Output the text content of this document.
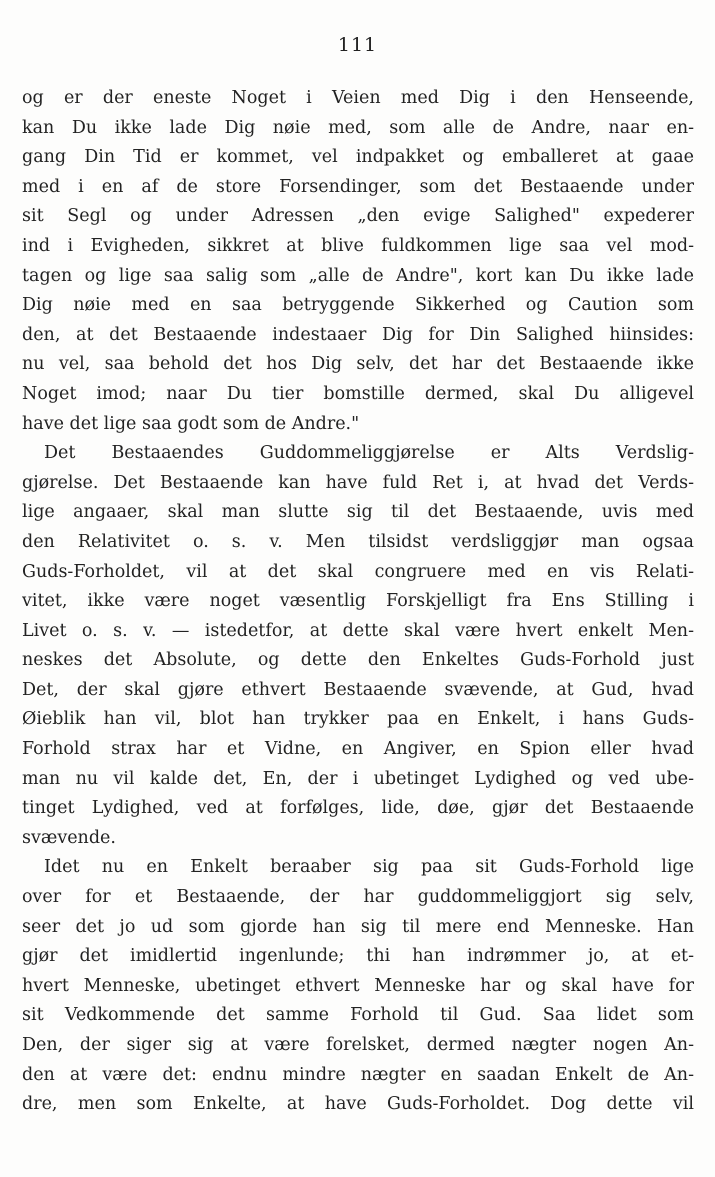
111
og er der eneste Noget i Veien med Dig i den Henseende,
kan Du ikke lade Dig nøie med, som alle de Andre, naar en-
gang Din Tid er kommet, vel indpakket og emballeret at gaae
med i en af de store Forsendinger, som det Bestaaende under
sit Segl og under Adressen „den evige Salighed" expederer
ind i Evigheden, sikkret at blive fuldkommen lige saa vel mod-
tagen og lige saa salig som „alle de Andre", kort kan Du ikke lade
Dig nøie med en saa betryggende Sikkerhed og Caution som
den, at det Bestaaende indestaaer Dig for Din Salighed hiinsides:
nu vel, saa behold det hos Dig selv, det har det Bestaaende ikke
Noget imod; naar Du tier bomstille dermed, skal Du alligevel
have det lige saa godt som de Andre."
Det Bestaaendes Guddommeliggjørelse er Alts Verdslig-
gjørelse. Det Bestaaende kan have fuld Ret i, at hvad det Verds-
lige angaaer, skal man slutte sig til det Bestaaende, uvis med
den Relativitet o. s. v. Men tilsidst verdsliggjør man ogsaa
Guds-Forholdet, vil at det skal congruere med en vis Relati-
vitet, ikke være noget væsentlig Forskjelligt fra Ens Stilling i
Livet o. s. v. — istedetfor, at dette skal være hvert enkelt Men-
neskes det Absolute, og dette den Enkeltes Guds-Forhold just
Det, der skal gjøre ethvert Bestaaende svævende, at Gud, hvad
Øieblik han vil, blot han trykker paa en Enkelt, i hans Guds-
Forhold strax har et Vidne, en Angiver, en Spion eller hvad
man nu vil kalde det, En, der i ubetinget Lydighed og ved ube-
tinget Lydighed, ved at forfølges, lide, døe, gjør det Bestaaende
svævende.
Idet nu en Enkelt beraaber sig paa sit Guds-Forhold lige
over for et Bestaaende, der har guddommeliggjort sig selv,
seer det jo ud som gjorde han sig til mere end Menneske. Han
gjør det imidlertid ingenlunde; thi han indrømmer jo, at et-
hvert Menneske, ubetinget ethvert Menneske har og skal have for
sit Vedkommende det samme Forhold til Gud. Saa lidet som
Den, der siger sig at være forelsket, dermed nægter nogen An-
den at være det: endnu mindre nægter en saadan Enkelt de An-
dre, men som Enkelte, at have Guds-Forholdet. Dog dette vil
